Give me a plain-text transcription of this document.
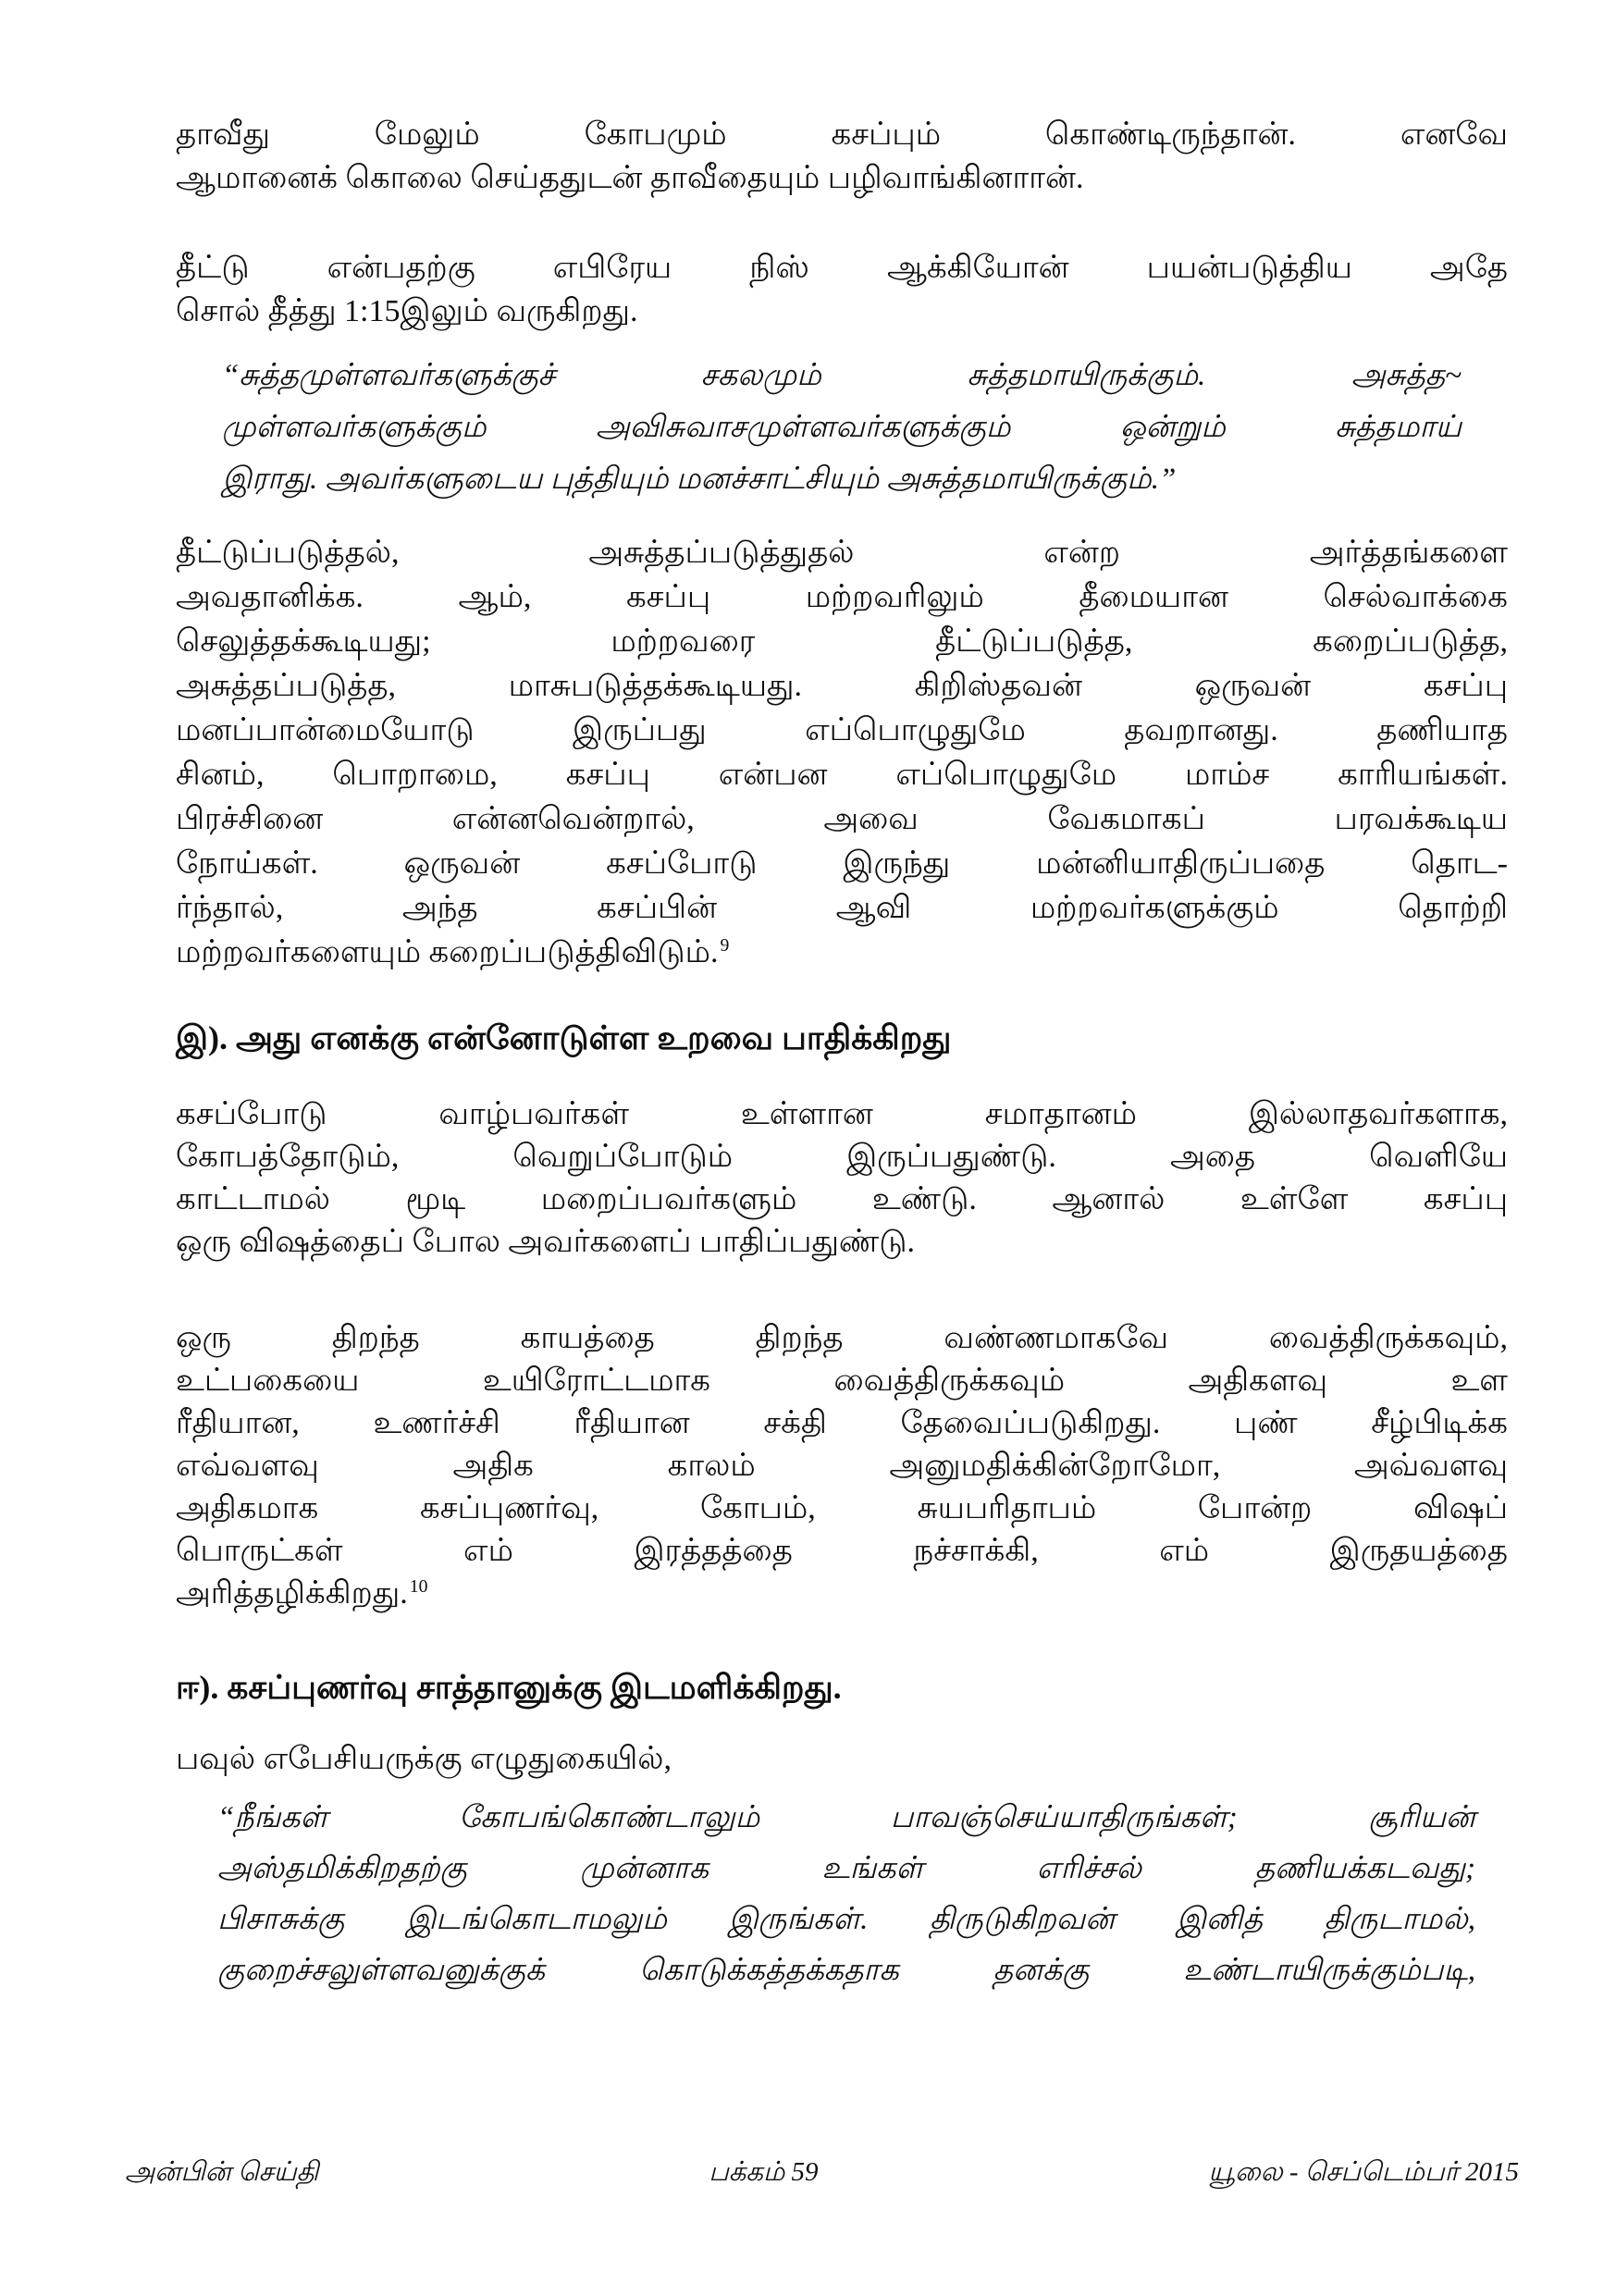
தாவீது மேலும் கோபமும் கசப்பும் கொண்டிருந்தான். எனவே
ஆமானைக் கொலை செய்ததுடன் தாவீதையும் பழிவாங்கினாான்.
தீட்டு என்பதற்கு எபிரேய நிஸ் ஆக்கியோன் பயன்படுத்திய அதே
சொல் தீத்து 1:15இலும் வருகிறது.
“சுத்தமுள்ளவர்களுக்குச் சகலமும் சுத்தமாயிருக்கும். அசுத்த~
முள்ளவர்களுக்கும் அவிசுவாசமுள்ளவர்களுக்கும் ஒன்றும் சுத்தமாய்
இராது. அவர்களுடைய புத்தியும் மனச்சாட்சியும் அசுத்தமாயிருக்கும்.”
தீட்டுப்படுத்தல், அசுத்தப்படுத்துதல் என்ற அர்த்தங்களை
அவதானிக்க. ஆம், கசப்பு மற்றவரிலும் தீமையான செல்வாக்கை
செலுத்தக்கூடியது; மற்றவரை தீட்டுப்படுத்த, கறைப்படுத்த,
அசுத்தப்படுத்த, மாசுபடுத்தக்கூடியது. கிறிஸ்தவன் ஒருவன் கசப்பு
மனப்பான்மையோடு இருப்பது எப்பொழுதுமே தவறானது. தணியாத
சினம், பொறாமை, கசப்பு என்பன எப்பொழுதுமே மாம்ச காரியங்கள்.
பிரச்சினை என்னவென்றால், அவை வேகமாகப் பரவக்கூடிய
நோய்கள். ஒருவன் கசப்போடு இருந்து மன்னியாதிருப்பதை தொட-
ர்ந்தால், அந்த கசப்பின் ஆவி மற்றவர்களுக்கும் தொற்றி
மற்றவர்களையும் கறைப்படுத்திவிடும். $^9$
இ). அது எனக்கு என்னோடுள்ள உறவை பாதிக்கிறது
கசப்போடு வாழ்பவர்கள் உள்ளான சமாதானம் இல்லாதவர்களாக,
கோபத்தோடும், வெறுப்போடும் இருப்பதுண்டு. அதை வெளியே
காட்டாமல் மூடி மறைப்பவர்களும் உண்டு. ஆனால் உள்ளே கசப்பு
ஒரு விஷத்தைப் போல அவர்களைப் பாதிப்பதுண்டு.
ஒரு திறந்த காயத்தை திறந்த வண்ணமாகவே வைத்திருக்கவும்,
உட்பகையை உயிரோட்டமாக வைத்திருக்கவும் அதிகளவு உள
ரீதியான, உணர்ச்சி ரீதியான சக்தி தேவைப்படுகிறது. புண் சீழ்பிடிக்க
எவ்வளவு அதிக காலம் அனுமதிக்கின்றோமோ, அவ்வளவு
அதிகமாக கசப்புணர்வு, கோபம், சுயபரிதாபம் போன்ற விஷப்
பொருட்கள் எம் இரத்தத்தை நச்சாக்கி, எம் இருதயத்தை
அரித்தழிக்கிறது. $^{10}$
ஈ). கசப்புணர்வு சாத்தானுக்கு இடமளிக்கிறது.
பவுல் எபேசியருக்கு எழுதுகையில்,
“நீங்கள் கோபங்கொண்டாலும் பாவஞ்செய்யாதிருங்கள்; சூரியன்
அஸ்தமிக்கிறதற்கு முன்னாக உங்கள் எரிச்சல் தணியக்கடவது;
பிசாசுக்கு இடங்கொடாமலும் இருங்கள். திருடுகிறவன் இனித் திருடாமல்,
குறைச்சலுள்ளவனுக்குக் கொடுக்கத்தக்கதாக தனக்கு உண்டாயிருக்கும்படி,
அன்பின் செய்தி	பக்கம் 59	யூலை - செப்டெம்பர் 2015
